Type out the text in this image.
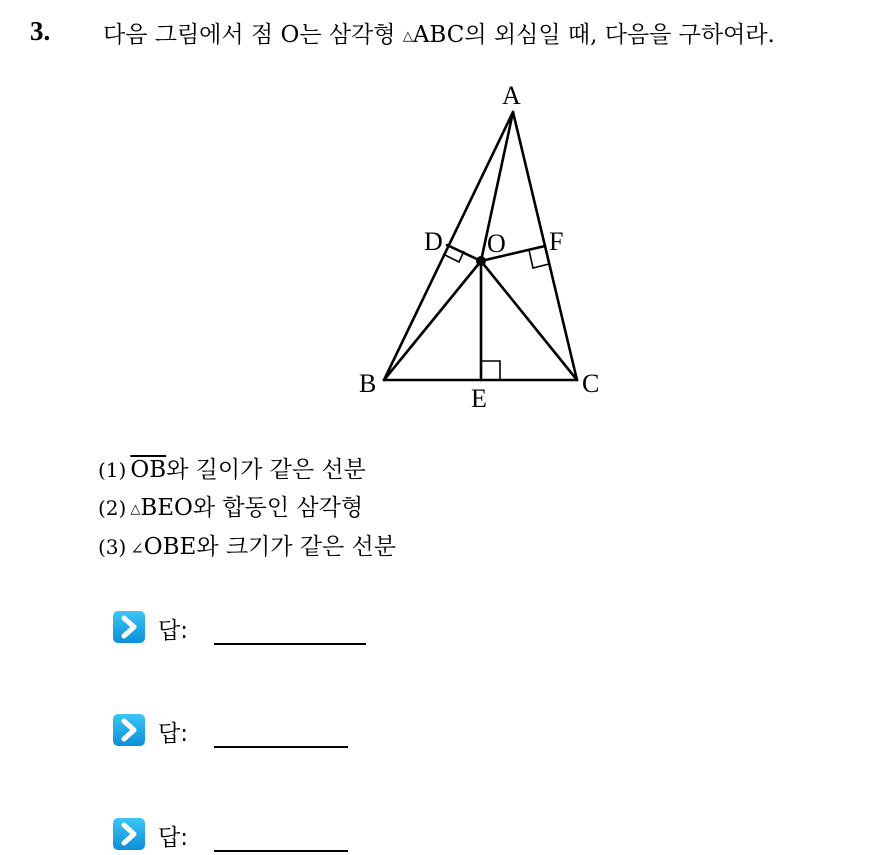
3. 다음 그림에서 점 O는 삼각형 △ABC의 외심일 때, 다음을 구하여라.
A
B	C
D
E
F
O
(1) $\overline{OB}$와 길이가 같은 선분
(2) △BEO와 합동인 삼각형
(3) ∠OBE와 크기가 같은 선분
답:
답:
답:
